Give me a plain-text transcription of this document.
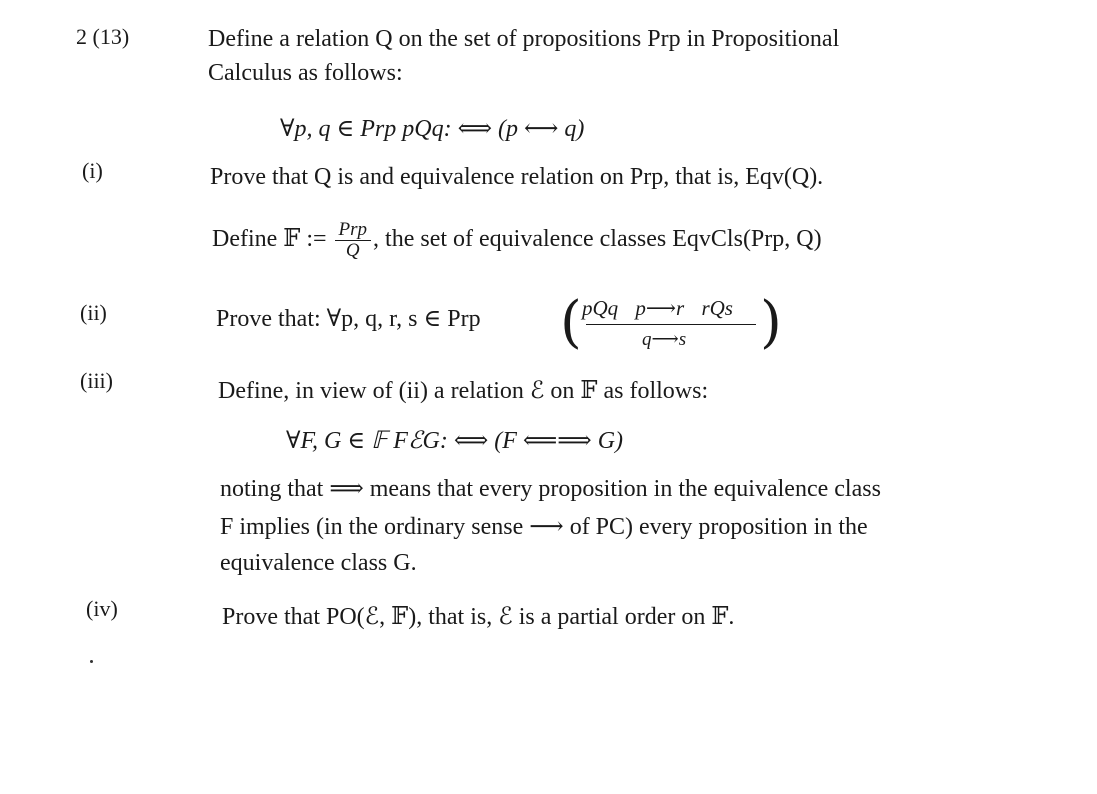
2 (13)	Define a relation Q on the set of propositions Prp in Propositional
Calculus as follows:
∀p, q ∈ Prp pQq: ⟺ (p ⟷ q)
(i)	Prove that Q is and equivalence relation on Prp, that is, Eqv(Q).
Define 𝔽 := $\frac{\text{Prp}}{Q}$ , the set of equivalence classes EqvCls(Prp, Q)
(ii)	Prove that: ∀p, q, r, s ∈ Prp ( pQq p⟶r rQs
q⟶s )
(iii)	Define, in view of (ii) a relation ℰ on 𝔽 as follows:
∀F, G ∈ 𝔽 FℰG: ⟺ (F ⟸⟹ G)
noting that ⟹ means that every proposition in the equivalence class
F implies (in the ordinary sense ⟶ of PC) every proposition in the
equivalence class G.
(iv)	Prove that PO(ℰ, 𝔽), that is, ℰ is a partial order on 𝔽.
